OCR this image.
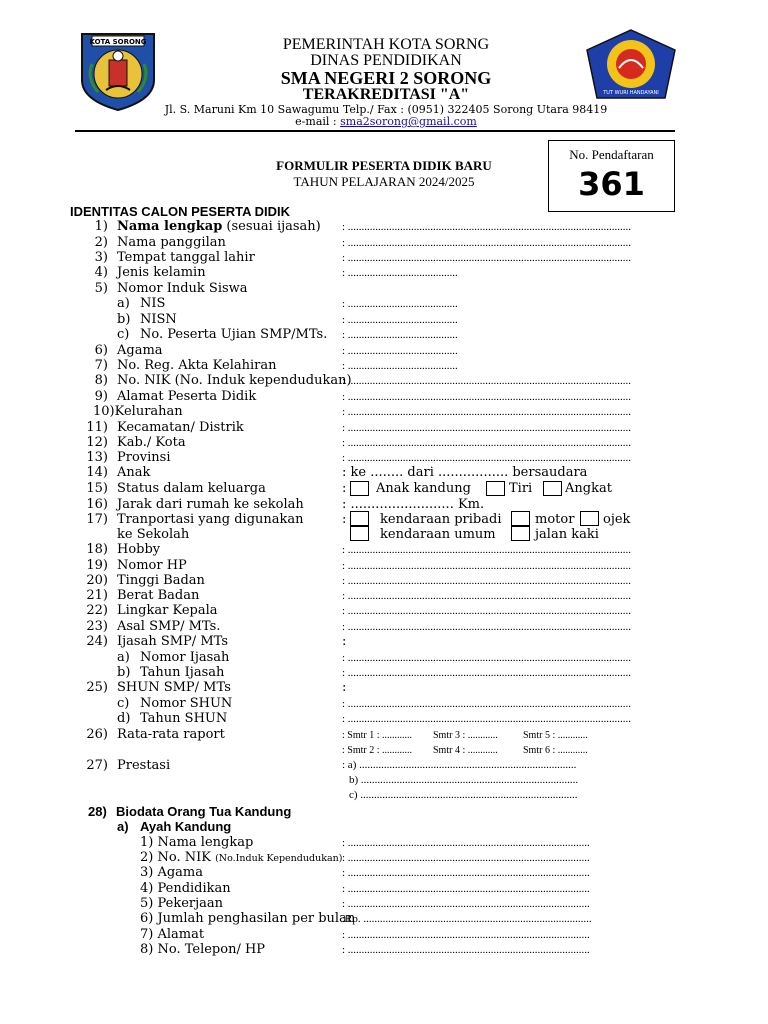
KOTA SORONG
TUT WURI HANDAYANI
PEMERINTAH KOTA SORNG
DINAS PENDIDIKAN
SMA NEGERI 2 SORONG
TERAKREDITASI "A"
Jl. S. Maruni Km 10 Sawagumu Telp./ Fax : (0951) 322405 Sorong Utara 98419
e-mail : sma2sorong@gmail.com
No. Pendaftaran
361
FORMULIR PESERTA DIDIK BARU
TAHUN PELAJARAN 2024/2025
IDENTITAS CALON PESERTA DIDIK
1) Nama lengkap (sesuai ijasah) : .......................................................................................................
2) Nama panggilan	: .......................................................................................................
3) Tempat tanggal lahir	: .......................................................................................................
4) Jenis kelamin	: ........................................
5) Nomor Induk Siswa
a) NIS	: ........................................
b) NISN	: ........................................
c) No. Peserta Ujian SMP/MTs. : ........................................
6) Agama	: ........................................
7) No. Reg. Akta Kelahiran	: ........................................
8) No. NIK (No. Induk kependudukan)
: .......................................................................................................
9) Alamat Peserta Didik	: .......................................................................................................
10)Kelurahan	: .......................................................................................................
11) Kecamatan/ Distrik	: .......................................................................................................
12) Kab./ Kota	: .......................................................................................................
13) Provinsi	: .......................................................................................................
14) Anak	: ke ........ dari ................. bersaudara
15) Status dalam keluarga	: Anak kandung	Tiri	Angkat
16) Jarak dari rumah ke sekolah	: ......................... Km.
17) Tranportasi yang digunakan	:	kendaraan pribadi	motor ojek
ke Sekolah	kendaraan umum	jalan kaki
18) Hobby	: .......................................................................................................
19) Nomor HP	: .......................................................................................................
20) Tinggi Badan	: .......................................................................................................
21) Berat Badan	: .......................................................................................................
22) Lingkar Kepala	: .......................................................................................................
23) Asal SMP/ MTs.	: .......................................................................................................
24) Ijasah SMP/ MTs	:
a) Nomor Ijasah	: .......................................................................................................
b) Tahun Ijasah	: .......................................................................................................
25) SHUN SMP/ MTs	:
c) Nomor SHUN	: .......................................................................................................
d) Tahun SHUN	: .......................................................................................................
26) Rata-rata raport	: Smtr 1 : ............ Smtr 3 : ............	Smtr 5 : ............
: Smtr 2 : ............ Smtr 4 : ............	Smtr 6 : ............
27) Prestasi	: a) ...............................................................................
b) ...............................................................................
c) ...............................................................................
28) Biodata Orang Tua Kandung
a) Ayah Kandung
1) Nama lengkap	: ........................................................................................
2) No. NIK (No.Induk Kependudukan) : ........................................................................................
3) Agama	: ........................................................................................
4) Pendidikan	: ........................................................................................
5) Pekerjaan	: ........................................................................................
6) Jumlah penghasilan per bulan
:Rp. ...................................................................................
7) Alamat	: ........................................................................................
8) No. Telepon/ HP	: ........................................................................................
